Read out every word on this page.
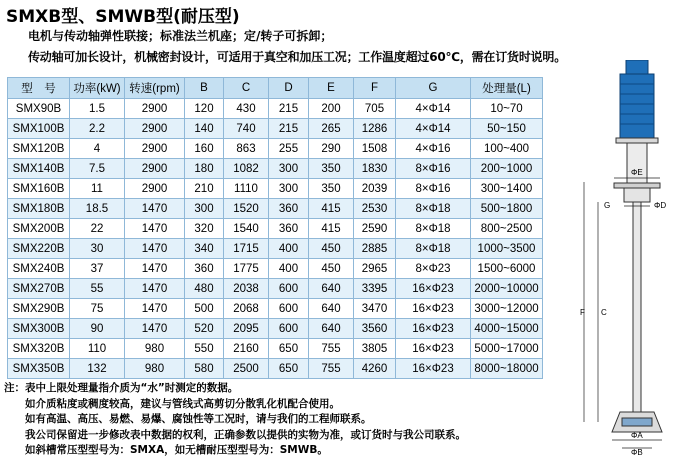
SMXB型、SMWB型(耐压型)
电机与传动轴弹性联接；标准法兰机座；定/转子可拆卸；
传动轴可加长设计，机械密封设计，可适用于真空和加压工况；工作温度超过60℃，需在订货时说明。
型　号	功率(kW)	转速(rpm)	B	C	D	E	F	G	处理量(L)
SMX90B	1.5	2900	120	430	215	200	705	4×Φ14	10~70
SMX100B	2.2	2900	140	740	215	265	1286	4×Φ14	50~150
SMX120B	4	2900	160	863	255	290	1508	4×Φ16	100~400
SMX140B	7.5	2900	180	1082	300	350	1830	8×Φ16	200~1000
SMX160B	11	2900	210	1110	300	350	2039	8×Φ16	300~1400
SMX180B	18.5	1470	300	1520	360	415	2530	8×Φ18	500~1800
SMX200B	22	1470	320	1540	360	415	2590	8×Φ18	800~2500
SMX220B	30	1470	340	1715	400	450	2885	8×Φ18	1000~3500
SMX240B	37	1470	360	1775	400	450	2965	8×Φ23	1500~6000
SMX270B	55	1470	480	2038	600	640	3395	16×Φ23	2000~10000
SMX290B	75	1470	500	2068	600	640	3470	16×Φ23	3000~12000
SMX300B	90	1470	520	2095	600	640	3560	16×Φ23	4000~15000
SMX320B	110	980	550	2160	650	755	3805	16×Φ23	5000~17000
SMX350B	132	980	580	2500	650	755	4260	16×Φ23	8000~18000
注：表中上限处理量指介质为“水”时测定的数据。
如介质粘度或稠度较高，建议与管线式高剪切分散乳化机配合使用。
如有高温、高压、易燃、易爆、腐蚀性等工况时，请与我们的工程师联系。
我公司保留进一步修改表中数据的权利，正确参数以提供的实物为准，或订货时与我公司联系。
如斜槽常压型型号为：SMXA，如无槽耐压型型号为：SMWB。
ΦE
ΦD
G
F C
ΦA
ΦB
